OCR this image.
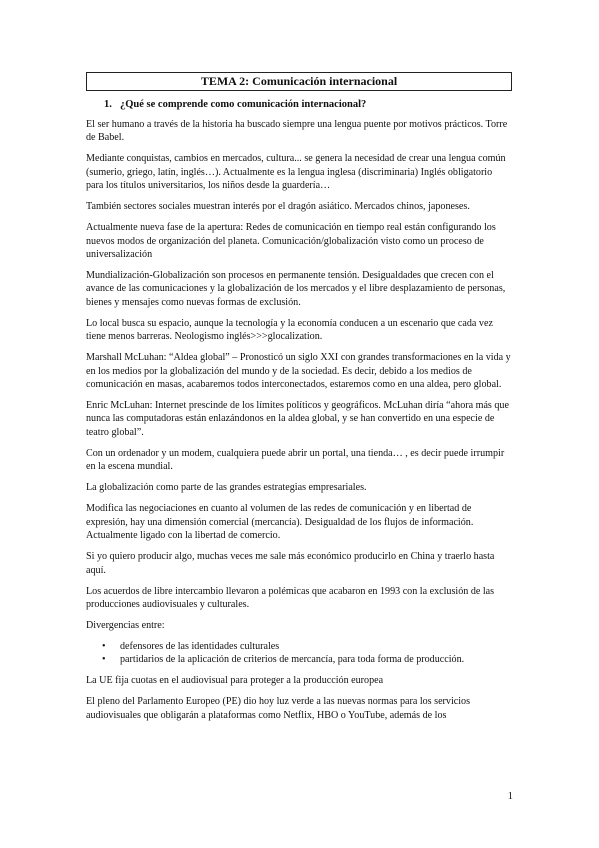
TEMA 2: Comunicación internacional
1. ¿Qué se comprende como comunicación internacional?

El ser humano a través de la historia ha buscado siempre una lengua puente por motivos prácticos. Torre de Babel.

Mediante conquistas, cambios en mercados, cultura... se genera la necesidad de crear una lengua común (sumerio, griego, latín, inglés…). Actualmente es la lengua inglesa (discriminaria) Inglés obligatorio para los títulos universitarios, los niños desde la guardería…

También sectores sociales muestran interés por el dragón asiático. Mercados chinos, japoneses.

Actualmente nueva fase de la apertura: Redes de comunicación en tiempo real están configurando los nuevos modos de organización del planeta. Comunicación/globalización visto como un proceso de universalización

Mundialización-Globalización son procesos en permanente tensión. Desigualdades que crecen con el avance de las comunicaciones y la globalización de los mercados y el libre desplazamiento de personas, bienes y mensajes como nuevas formas de exclusión.

Lo local busca su espacio, aunque la tecnología y la economía conducen a un escenario que cada vez tiene menos barreras. Neologismo inglés>>>glocalization.

Marshall McLuhan: “Aldea global” – Pronosticó un siglo XXI con grandes transformaciones en la vida y en los medios por la globalización del mundo y de la sociedad. Es decir, debido a los medios de comunicación en masas, acabaremos todos interconectados, estaremos como en una aldea, pero global.

Enric McLuhan: Internet prescinde de los límites políticos y geográficos. McLuhan diría “ahora más que nunca las computadoras están enlazándonos en la aldea global, y se han convertido en una especie de teatro global”.

Con un ordenador y un modem, cualquiera puede abrir un portal, una tienda… , es decir puede irrumpir en la escena mundial.

La globalización como parte de las grandes estrategias empresariales.

Modifica las negociaciones en cuanto al volumen de las redes de comunicación y en libertad de expresión, hay una dimensión comercial (mercancía). Desigualdad de los flujos de información. Actualmente ligado con la libertad de comercio.

Si yo quiero producir algo, muchas veces me sale más económico producirlo en China y traerlo hasta aquí.

Los acuerdos de libre intercambio llevaron a polémicas que acabaron en 1993 con la exclusión de las producciones audiovisuales y culturales.

Divergencias entre:

• defensores de las identidades culturales
• partidarios de la aplicación de criterios de mercancía, para toda forma de producción.

La UE fija cuotas en el audiovisual para proteger a la producción europea

El pleno del Parlamento Europeo (PE) dio hoy luz verde a las nuevas normas para los servicios audiovisuales que obligarán a plataformas como Netflix, HBO o YouTube, además de los

1
